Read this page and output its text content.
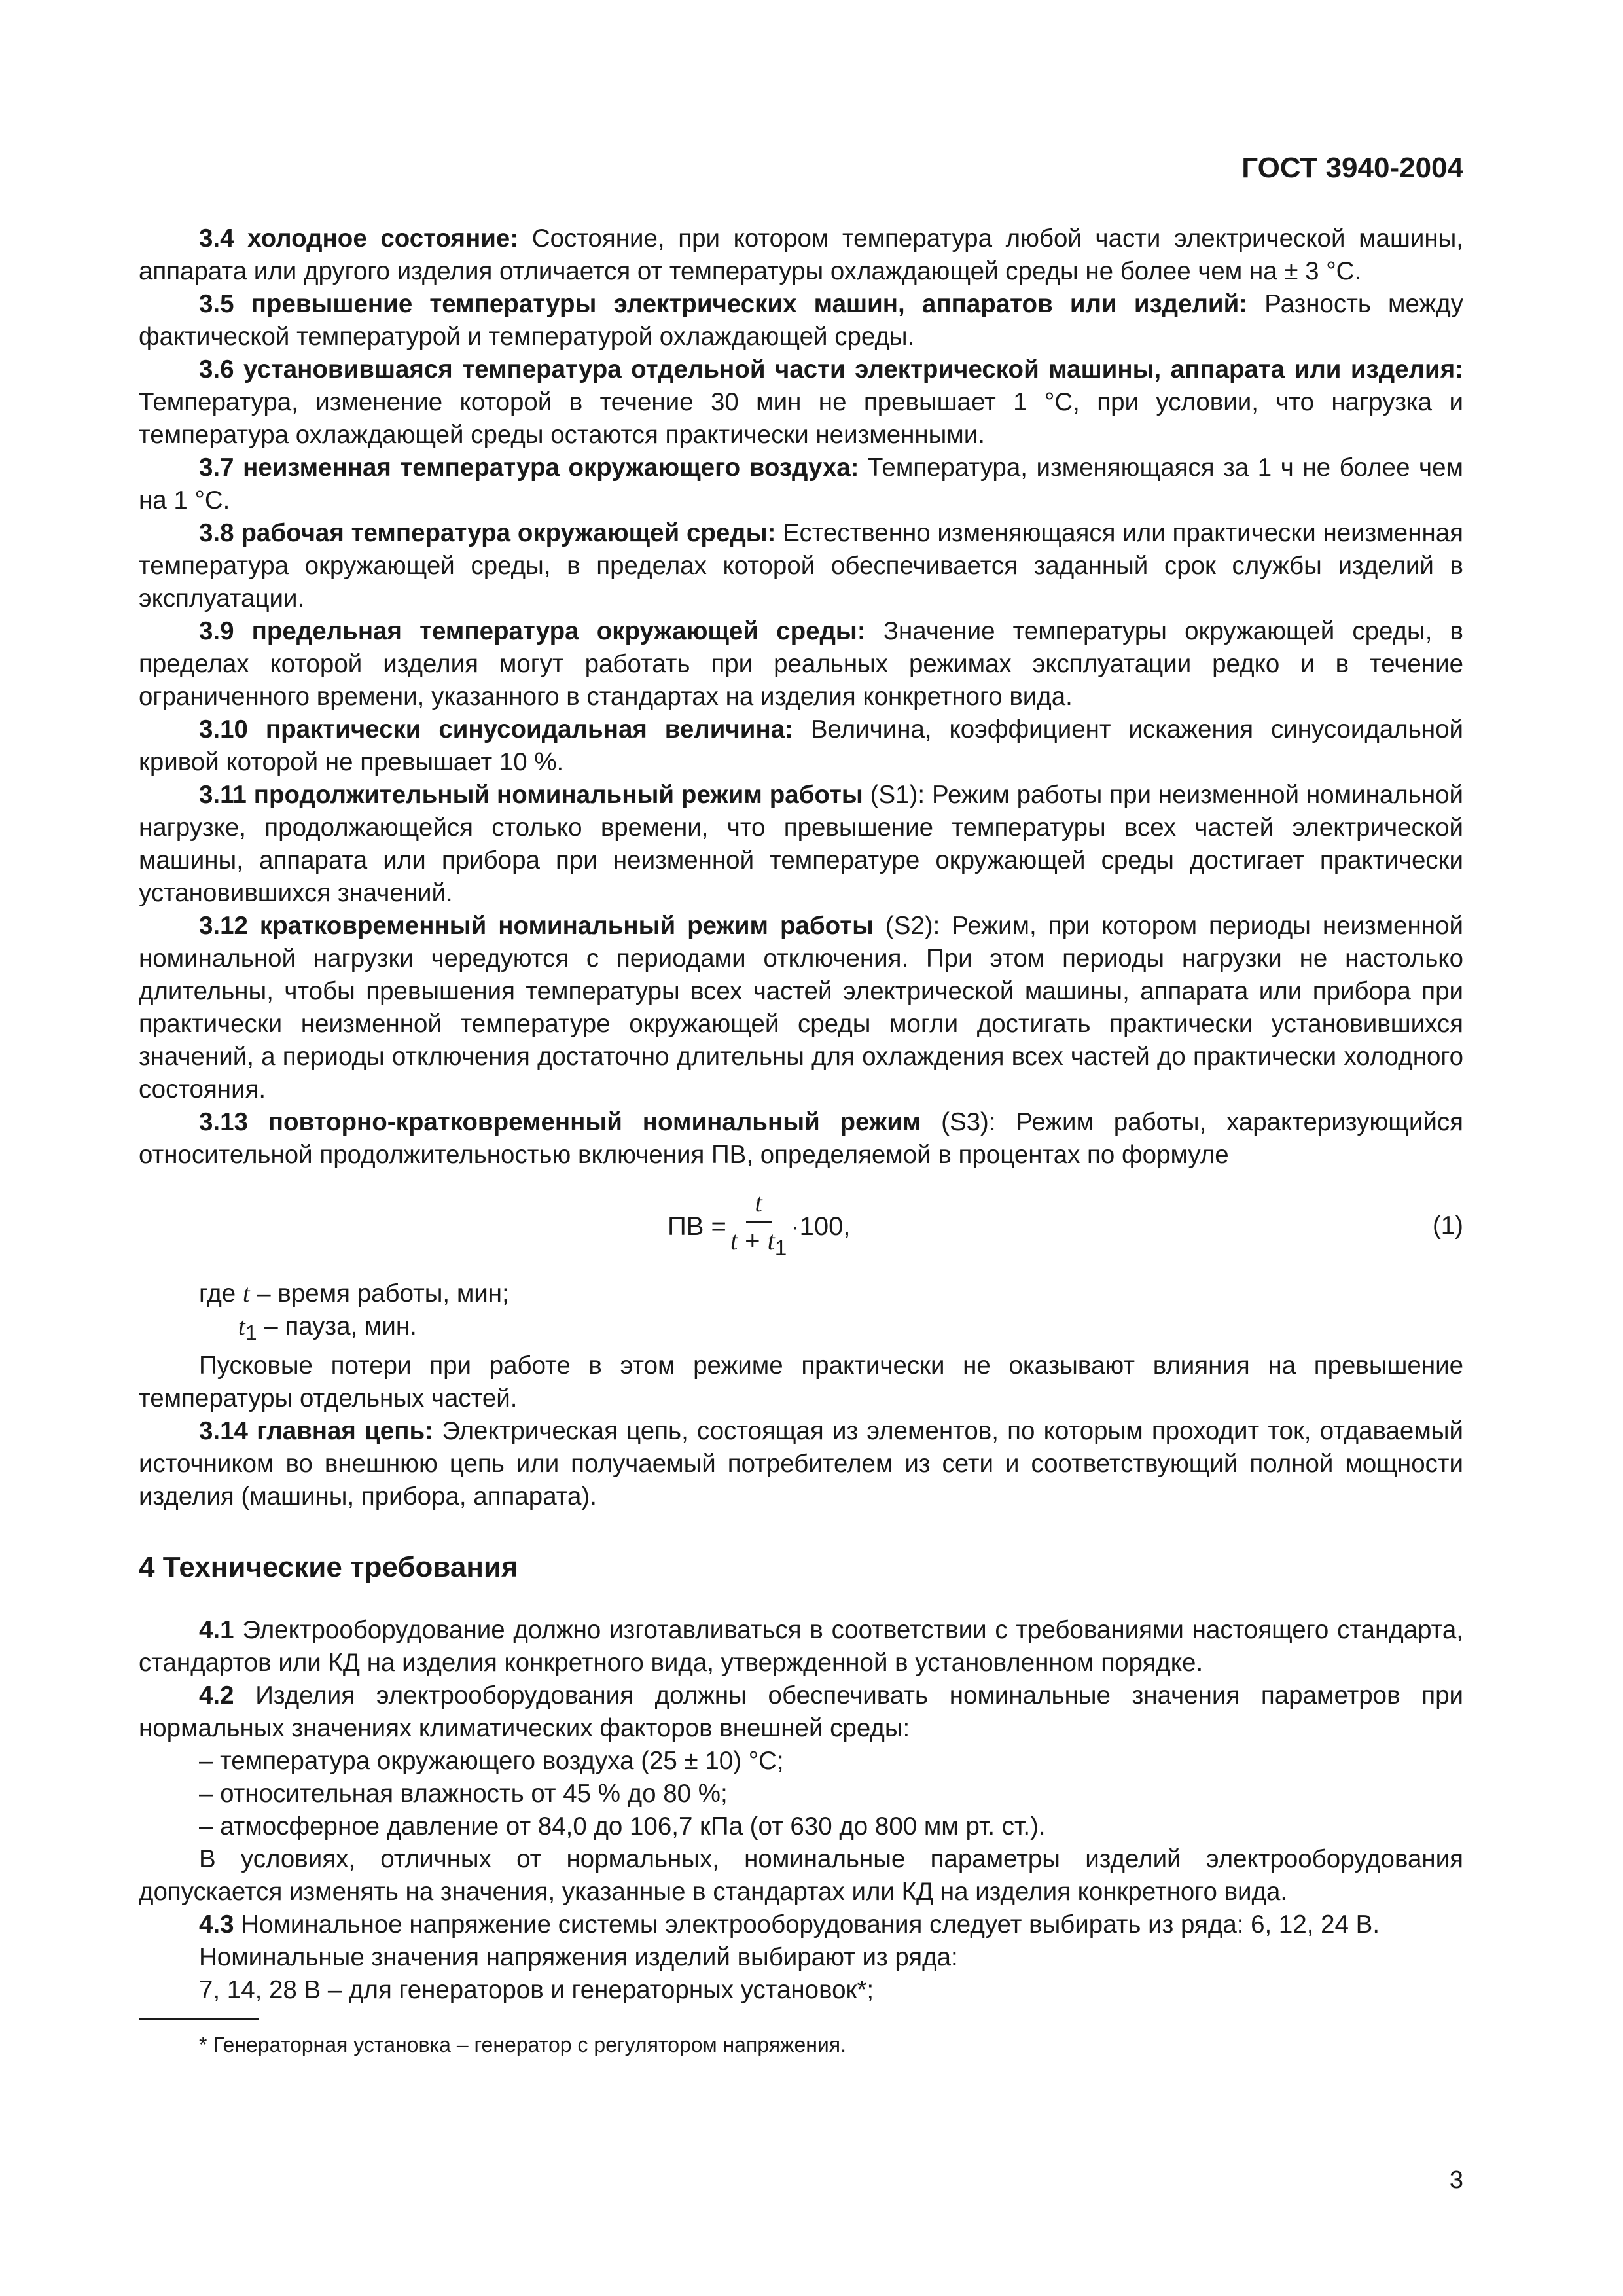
ГОСТ 3940-2004

3.4 холодное состояние: Состояние, при котором температура любой части электрической машины, аппарата или другого изделия отличается от температуры охлаждающей среды не более чем на ± 3 °С.

3.5 превышение температуры электрических машин, аппаратов или изделий: Разность между фактической температурой и температурой охлаждающей среды.

3.6 установившаяся температура отдельной части электрической машины, аппарата или изделия: Температура, изменение которой в течение 30 мин не превышает 1 °С, при условии, что нагрузка и температура охлаждающей среды остаются практически неизменными.

3.7 неизменная температура окружающего воздуха: Температура, изменяющаяся за 1 ч не более чем на 1 °С.

3.8 рабочая температура окружающей среды: Естественно изменяющаяся или практически неизменная температура окружающей среды, в пределах которой обеспечивается заданный срок службы изделий в эксплуатации.

3.9 предельная температура окружающей среды: Значение температуры окружающей среды, в пределах которой изделия могут работать при реальных режимах эксплуатации редко и в течение ограниченного времени, указанного в стандартах на изделия конкретного вида.

3.10 практически синусоидальная величина: Величина, коэффициент искажения синусоидальной кривой которой не превышает 10 %.

3.11 продолжительный номинальный режим работы (S1): Режим работы при неизменной номинальной нагрузке, продолжающейся столько времени, что превышение температуры всех частей электрической машины, аппарата или прибора при неизменной температуре окружающей среды достигает практически установившихся значений.

3.12 кратковременный номинальный режим работы (S2): Режим, при котором периоды неизменной номинальной нагрузки чередуются с периодами отключения. При этом периоды нагрузки не настолько длительны, чтобы превышения температуры всех частей электрической машины, аппарата или прибора при практически неизменной температуре окружающей среды могли достигать практически установившихся значений, а периоды отключения достаточно длительны для охлаждения всех частей до практически холодного состояния.

3.13 повторно-кратковременный номинальный режим (S3): Режим работы, характеризующийся относительной продолжительностью включения ПВ, определяемой в процентах по формуле

ПВ = $\frac{t}{t + t_1} \cdot 100$,	(1)

где t – время работы, мин;

$t_1$ – пауза, мин.

Пусковые потери при работе в этом режиме практически не оказывают влияния на превышение температуры отдельных частей.

3.14 главная цепь: Электрическая цепь, состоящая из элементов, по которым проходит ток, отдаваемый источником во внешнюю цепь или получаемый потребителем из сети и соответствующий полной мощности изделия (машины, прибора, аппарата).

4 Технические требования

4.1 Электрооборудование должно изготавливаться в соответствии с требованиями настоящего стандарта, стандартов или КД на изделия конкретного вида, утвержденной в установленном порядке.

4.2 Изделия электрооборудования должны обеспечивать номинальные значения параметров при нормальных значениях климатических факторов внешней среды:

– температура окружающего воздуха (25 ± 10) °С;

– относительная влажность от 45 % до 80 %;

– атмосферное давление от 84,0 до 106,7 кПа (от 630 до 800 мм рт. ст.).

В условиях, отличных от нормальных, номинальные параметры изделий электрооборудования допускается изменять на значения, указанные в стандартах или КД на изделия конкретного вида.

4.3 Номинальное напряжение системы электрооборудования следует выбирать из ряда: 6, 12, 24 В.

Номинальные значения напряжения изделий выбирают из ряда:

7, 14, 28 В – для генераторов и генераторных установок*;

* Генераторная установка – генератор с регулятором напряжения.
3
